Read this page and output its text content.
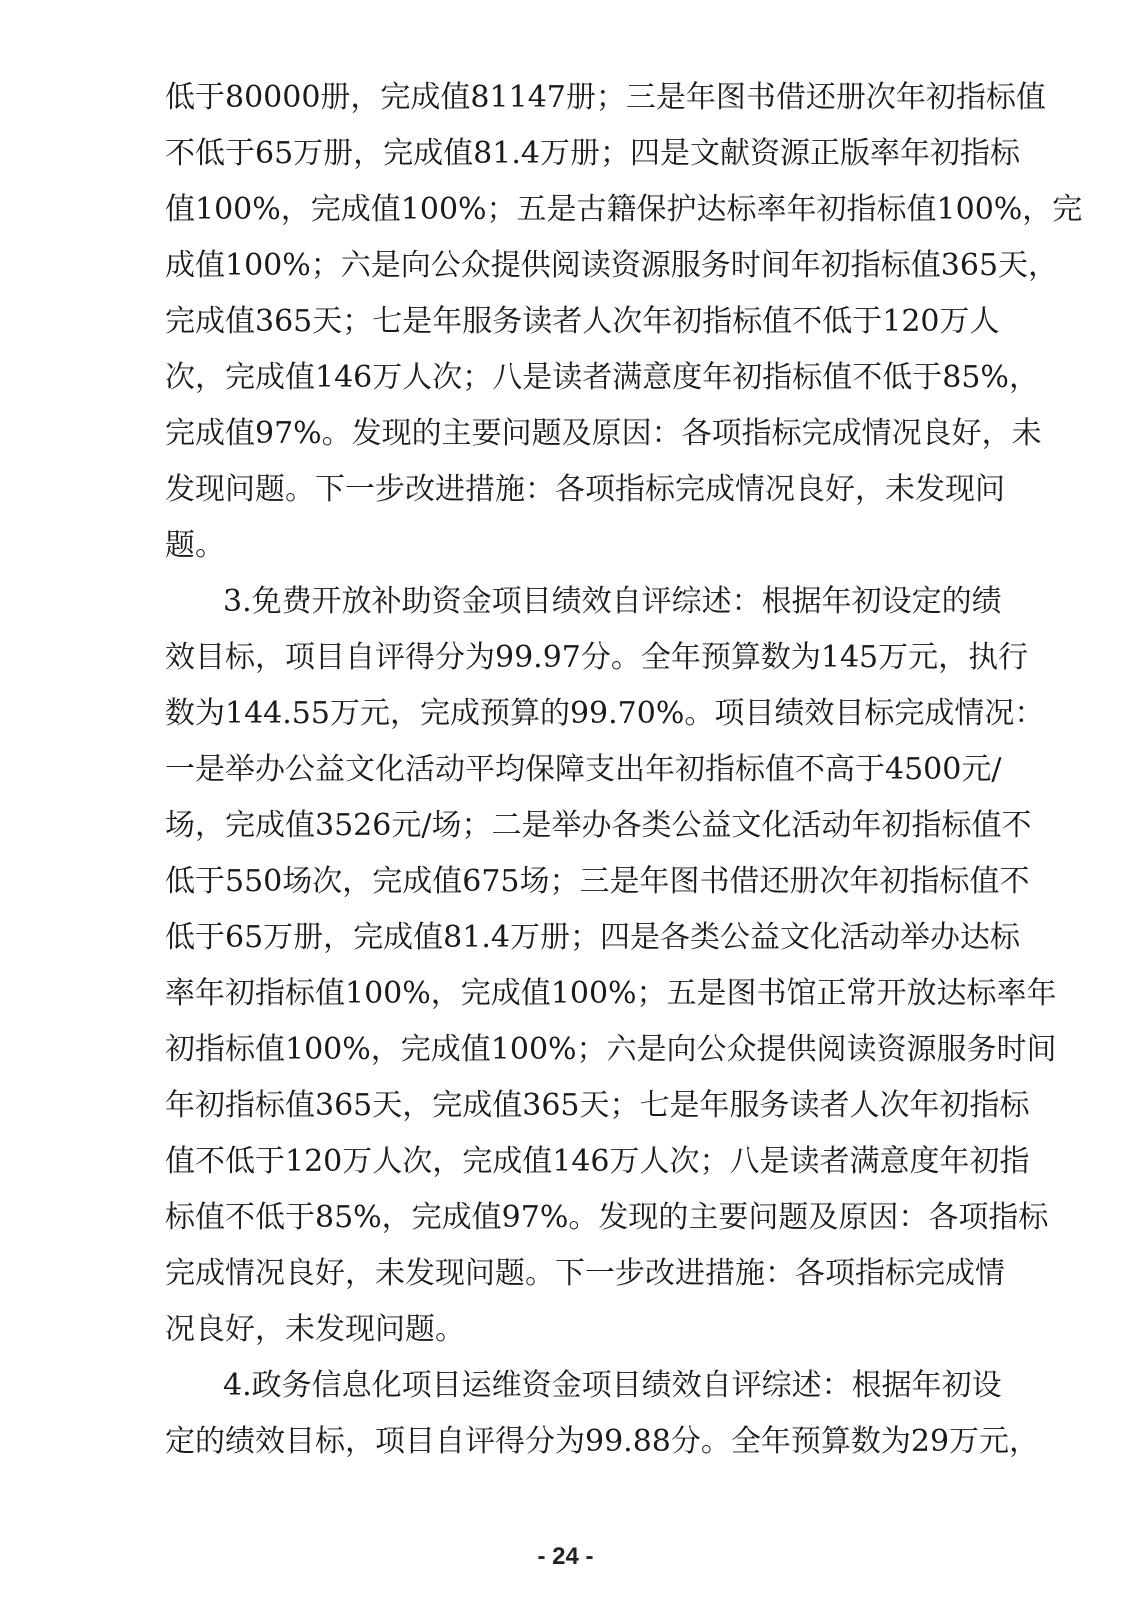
低于80000册，完成值81147册；三是年图书借还册次年初指标值
不低于65万册，完成值81.4万册；四是文献资源正版率年初指标
值100%，完成值100%；五是古籍保护达标率年初指标值100%，完
成值100%；六是向公众提供阅读资源服务时间年初指标值365天，
完成值365天；七是年服务读者人次年初指标值不低于120万人
次，完成值146万人次；八是读者满意度年初指标值不低于85%，
完成值97%。发现的主要问题及原因：各项指标完成情况良好，未
发现问题。下一步改进措施：各项指标完成情况良好，未发现问
题。
3.免费开放补助资金项目绩效自评综述：根据年初设定的绩
效目标，项目自评得分为99.97分。全年预算数为145万元，执行
数为144.55万元，完成预算的99.70%。项目绩效目标完成情况：
一是举办公益文化活动平均保障支出年初指标值不高于4500元/
场，完成值3526元/场；二是举办各类公益文化活动年初指标值不
低于550场次，完成值675场；三是年图书借还册次年初指标值不
低于65万册，完成值81.4万册；四是各类公益文化活动举办达标
率年初指标值100%，完成值100%；五是图书馆正常开放达标率年
初指标值100%，完成值100%；六是向公众提供阅读资源服务时间
年初指标值365天，完成值365天；七是年服务读者人次年初指标
值不低于120万人次，完成值146万人次；八是读者满意度年初指
标值不低于85%，完成值97%。发现的主要问题及原因：各项指标
完成情况良好，未发现问题。下一步改进措施：各项指标完成情
况良好，未发现问题。
4.政务信息化项目运维资金项目绩效自评综述：根据年初设
定的绩效目标，项目自评得分为99.88分。全年预算数为29万元，
- 24 -
